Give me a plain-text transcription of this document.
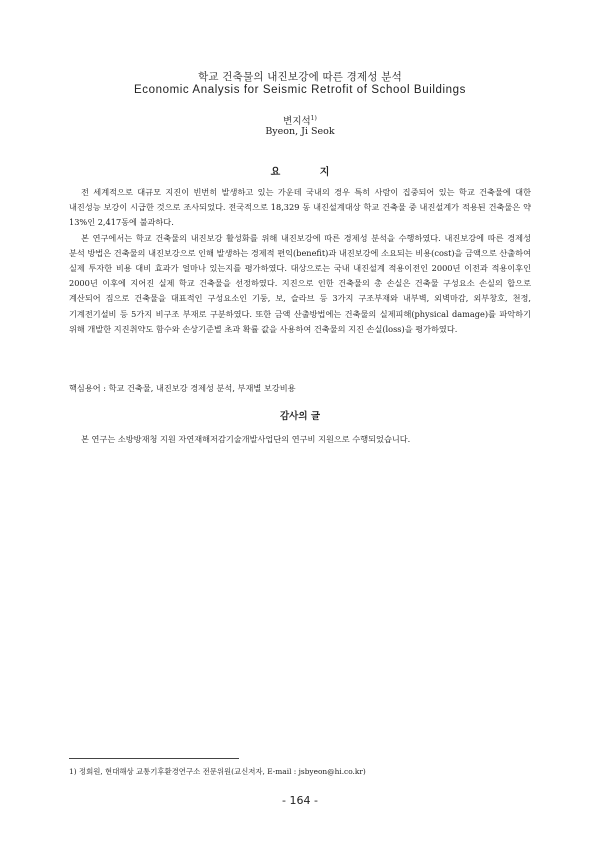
학교 건축물의 내진보강에 따른 경제성 분석
Economic Analysis for Seismic Retrofit of School Buildings
변지석$^{1)}$
Byeon, Ji Seok
요 지

전 세계적으로 대규모 지진이 빈번히 발생하고 있는 가운데 국내의 경우 특히 사람이 집중되어 있는 학교 건축물에 대한 내진성능 보강이 시급한 것으로 조사되었다. 전국적으로 18,329 동 내진설계대상 학교 건축물 중 내진설계가 적용된 건축물은 약 13%인 2,417동에 불과하다.

본 연구에서는 학교 건축물의 내진보강 활성화를 위해 내진보강에 따른 경제성 분석을 수행하였다. 내진보강에 따른 경제성 분석 방법은 건축물의 내진보강으로 인해 발생하는 경제적 편익(benefit)과 내진보강에 소요되는 비용(cost)을 금액으로 산출하여 실제 투자한 비용 대비 효과가 얼마나 있는지를 평가하였다. 대상으로는 국내 내진설계 적용이전인 2000년 이전과 적용이후인 2000년 이후에 지어진 실제 학교 건축물을 선정하였다. 지진으로 인한 건축물의 총 손실은 건축물 구성요소 손실의 합으로 계산되어 짐으로 건축물을 대표적인 구성요소인 기둥, 보, 슬라브 등 3가지 구조부재와 내부벽, 외벽마감, 외부창호, 천정, 기계전기설비 등 5가지 비구조 부재로 구분하였다. 또한 금액 산출방법에는 건축물의 실제피해(physical damage)를 파악하기 위해 개발한 지진취약도 함수와 손상기준별 초과 확률 값을 사용하여 건축물의 지진 손실(loss)을 평가하였다.

핵심용어 : 학교 건축물, 내진보강 경제성 분석, 부재별 보강비용
감사의 글
본 연구는 소방방재청 지원 자연재해저감기술개발사업단의 연구비 지원으로 수행되었습니다.
1) 정회원, 현대해상 교통기후환경연구소 전문위원(교신저자, E-mail : jsbyeon@hi.co.kr)
- 164 -
